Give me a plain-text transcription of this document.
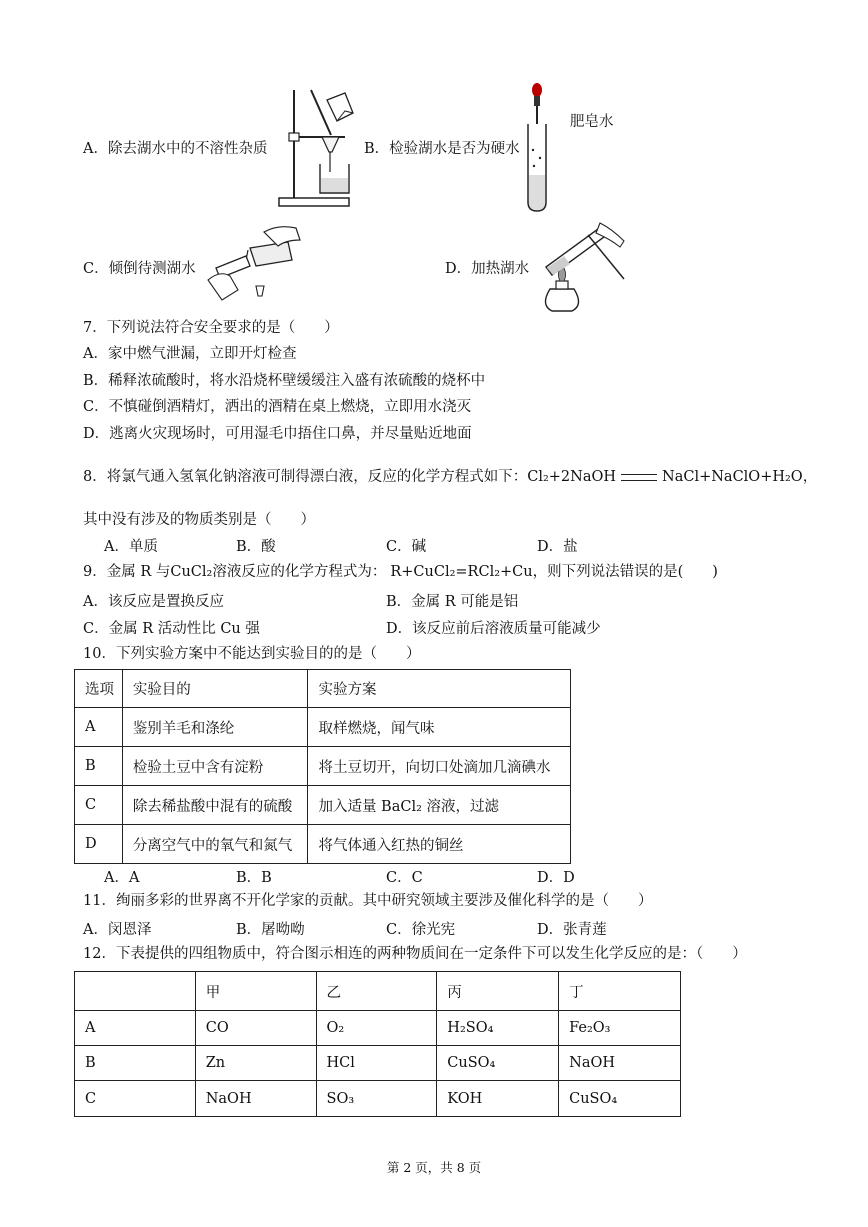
A．除去湖水中的不溶性杂质	B．检验湖水是否为硬水
肥皂水
C．倾倒待测湖水	D．加热湖水
7．下列说法符合安全要求的是（　　）
A．家中燃气泄漏，立即开灯检查
B．稀释浓硫酸时，将水沿烧杯壁缓缓注入盛有浓硫酸的烧杯中
C．不慎碰倒酒精灯，洒出的酒精在桌上燃烧，立即用水浇灭
D．逃离火灾现场时，可用湿毛巾捂住口鼻，并尽量贴近地面
8．将氯气通入氢氧化钠溶液可制得漂白液，反应的化学方程式如下：Cl₂+2NaOH	NaCl+NaClO+H₂O，
其中没有涉及的物质类别是（　　）
A．单质	B．酸	C．碱	D．盐
9．金属 R 与CuCl₂溶液反应的化学方程式为： R+CuCl₂=RCl₂+Cu，则下列说法错误的是(　　)
A．该反应是置换反应	B．金属 R 可能是铝
C．金属 R 活动性比 Cu 强	D．该反应前后溶液质量可能减少
10．下列实验方案中不能达到实验目的的是（　　）
选项	实验目的	实验方案
A	鉴别羊毛和涤纶	取样燃烧，闻气味
B	检验土豆中含有淀粉	将土豆切开，向切口处滴加几滴碘水
C	除去稀盐酸中混有的硫酸	加入适量 BaCl₂ 溶液，过滤
D	分离空气中的氧气和氮气	将气体通入红热的铜丝
A．A	B．B	C．C	D．D
11．绚丽多彩的世界离不开化学家的贡献。其中研究领域主要涉及催化科学的是（　　）
A．闵恩泽	B．屠呦呦	C．徐光宪	D．张青莲
12．下表提供的四组物质中，符合图示相连的两种物质间在一定条件下可以发生化学反应的是：（　　）
	甲	乙	丙	丁
A	CO	O₂	H₂SO₄	Fe₂O₃
B	Zn	HCl	CuSO₄	NaOH
C	NaOH	SO₃	KOH	CuSO₄
第 2 页，共 8 页
